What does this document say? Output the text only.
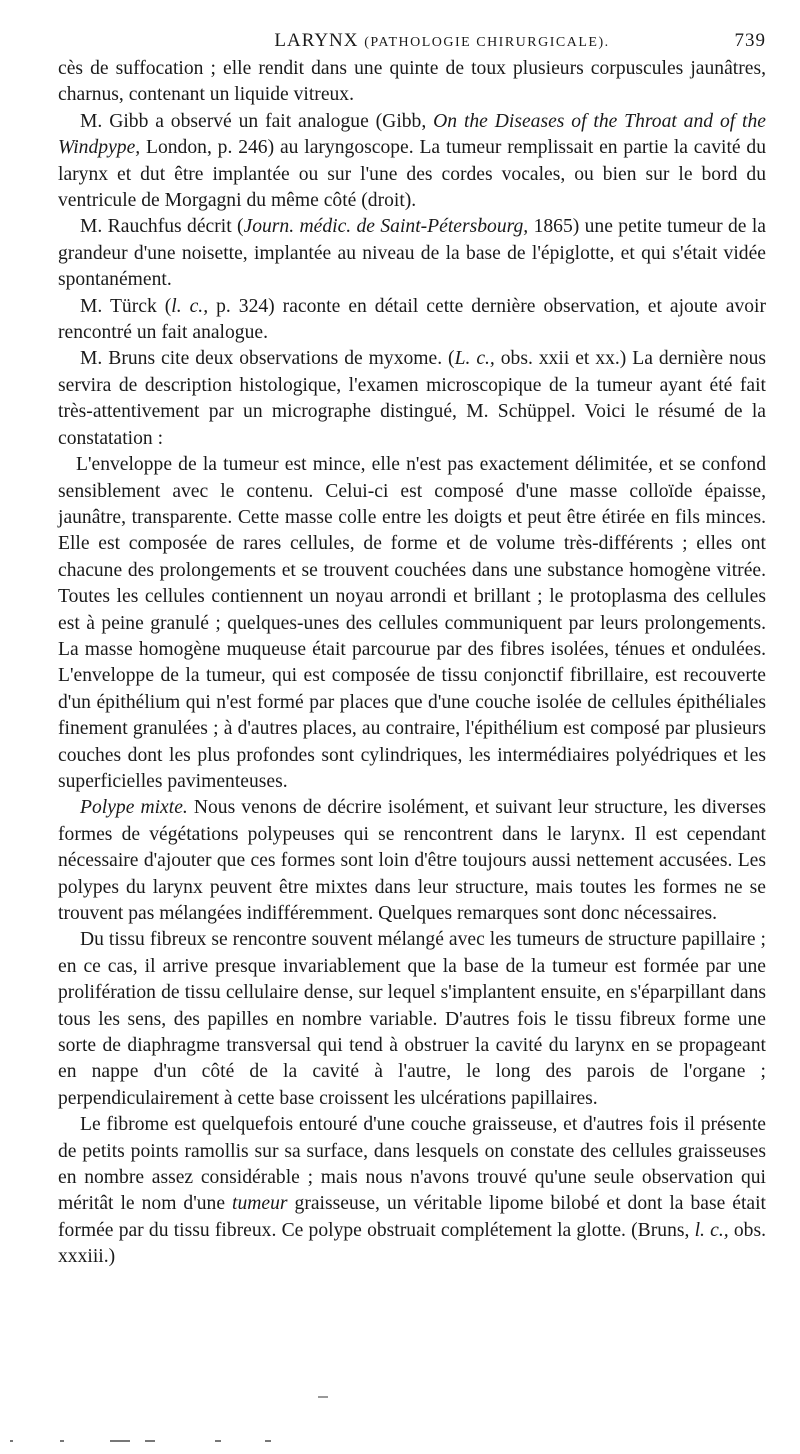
LARYNX (PATHOLOGIE CHIRURGICALE).	739

cès de suffocation ; elle rendit dans une quinte de toux plusieurs corpuscules jaunâtres, charnus, contenant un liquide vitreux.

M. Gibb a observé un fait analogue (Gibb, On the Diseases of the Throat and of the Windpype, London, p. 246) au laryngoscope. La tumeur remplissait en partie la cavité du larynx et dut être implantée ou sur l'une des cordes vocales, ou bien sur le bord du ventricule de Morgagni du même côté (droit).

M. Rauchfus décrit (Journ. médic. de Saint-Pétersbourg, 1865) une petite tumeur de la grandeur d'une noisette, implantée au niveau de la base de l'épiglotte, et qui s'était vidée spontanément.

M. Türck (l. c., p. 324) raconte en détail cette dernière observation, et ajoute avoir rencontré un fait analogue.

M. Bruns cite deux observations de myxome. (L. c., obs. xxii et xx.) La dernière nous servira de description histologique, l'examen microscopique de la tumeur ayant été fait très-attentivement par un micrographe distingué, M. Schüppel. Voici le résumé de la constatation :

L'enveloppe de la tumeur est mince, elle n'est pas exactement délimitée, et se confond sensiblement avec le contenu. Celui-ci est composé d'une masse colloïde épaisse, jaunâtre, transparente. Cette masse colle entre les doigts et peut être étirée en fils minces. Elle est composée de rares cellules, de forme et de volume très-différents ; elles ont chacune des prolongements et se trouvent couchées dans une substance homogène vitrée. Toutes les cellules contiennent un noyau arrondi et brillant ; le protoplasma des cellules est à peine granulé ; quelques-unes des cellules communiquent par leurs prolongements. La masse homogène muqueuse était parcourue par des fibres isolées, ténues et ondulées. L'enveloppe de la tumeur, qui est composée de tissu conjonctif fibrillaire, est recouverte d'un épithélium qui n'est formé par places que d'une couche isolée de cellules épithéliales finement granulées ; à d'autres places, au contraire, l'épithélium est composé par plusieurs couches dont les plus profondes sont cylindriques, les intermédiaires polyédriques et les superficielles pavimenteuses.

Polype mixte. Nous venons de décrire isolément, et suivant leur structure, les diverses formes de végétations polypeuses qui se rencontrent dans le larynx. Il est cependant nécessaire d'ajouter que ces formes sont loin d'être toujours aussi nettement accusées. Les polypes du larynx peuvent être mixtes dans leur structure, mais toutes les formes ne se trouvent pas mélangées indifféremment. Quelques remarques sont donc nécessaires.

Du tissu fibreux se rencontre souvent mélangé avec les tumeurs de structure papillaire ; en ce cas, il arrive presque invariablement que la base de la tumeur est formée par une prolifération de tissu cellulaire dense, sur lequel s'implantent ensuite, en s'éparpillant dans tous les sens, des papilles en nombre variable. D'autres fois le tissu fibreux forme une sorte de diaphragme transversal qui tend à obstruer la cavité du larynx en se propageant en nappe d'un côté de la cavité à l'autre, le long des parois de l'organe ; perpendiculairement à cette base croissent les ulcérations papillaires.

Le fibrome est quelquefois entouré d'une couche graisseuse, et d'autres fois il présente de petits points ramollis sur sa surface, dans lesquels on constate des cellules graisseuses en nombre assez considérable ; mais nous n'avons trouvé qu'une seule observation qui méritât le nom d'une tumeur graisseuse, un véritable lipome bilobé et dont la base était formée par du tissu fibreux. Ce polype obstruait complétement la glotte. (Bruns, l. c., obs. xxxiii.)
